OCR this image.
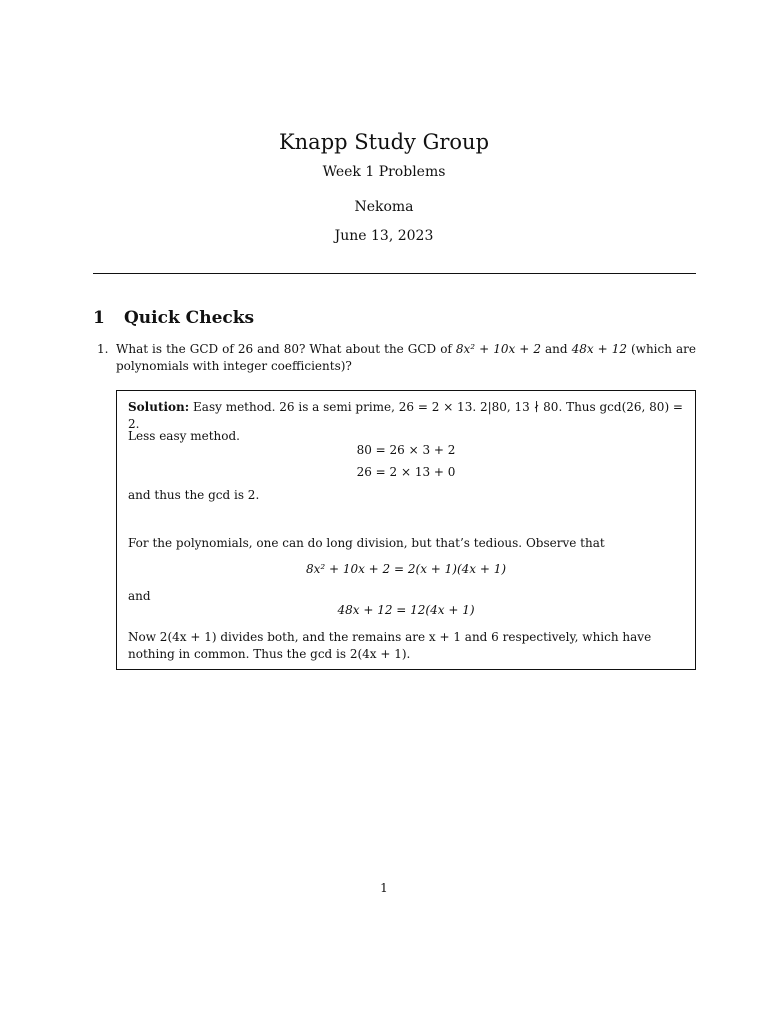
Knapp Study Group
Week 1 Problems
Nekoma
June 13, 2023
1 Quick Checks
1. What is the GCD of 26 and 80? What about the GCD of 8x² + 10x + 2 and 48x + 12 (which are polynomials with integer coefficients)?
Solution: Easy method. 26 is a semi prime, 26 = 2 × 13. 2|80, 13 ∤ 80. Thus gcd(26, 80) = 2.
Less easy method.
80 = 26 × 3 + 2
26 = 2 × 13 + 0
and thus the gcd is 2.
For the polynomials, one can do long division, but that’s tedious. Observe that
8x² + 10x + 2 = 2(x + 1)(4x + 1)
and
48x + 12 = 12(4x + 1)
Now 2(4x + 1) divides both, and the remains are x + 1 and 6 respectively, which have nothing in common. Thus the gcd is 2(4x + 1).
1
